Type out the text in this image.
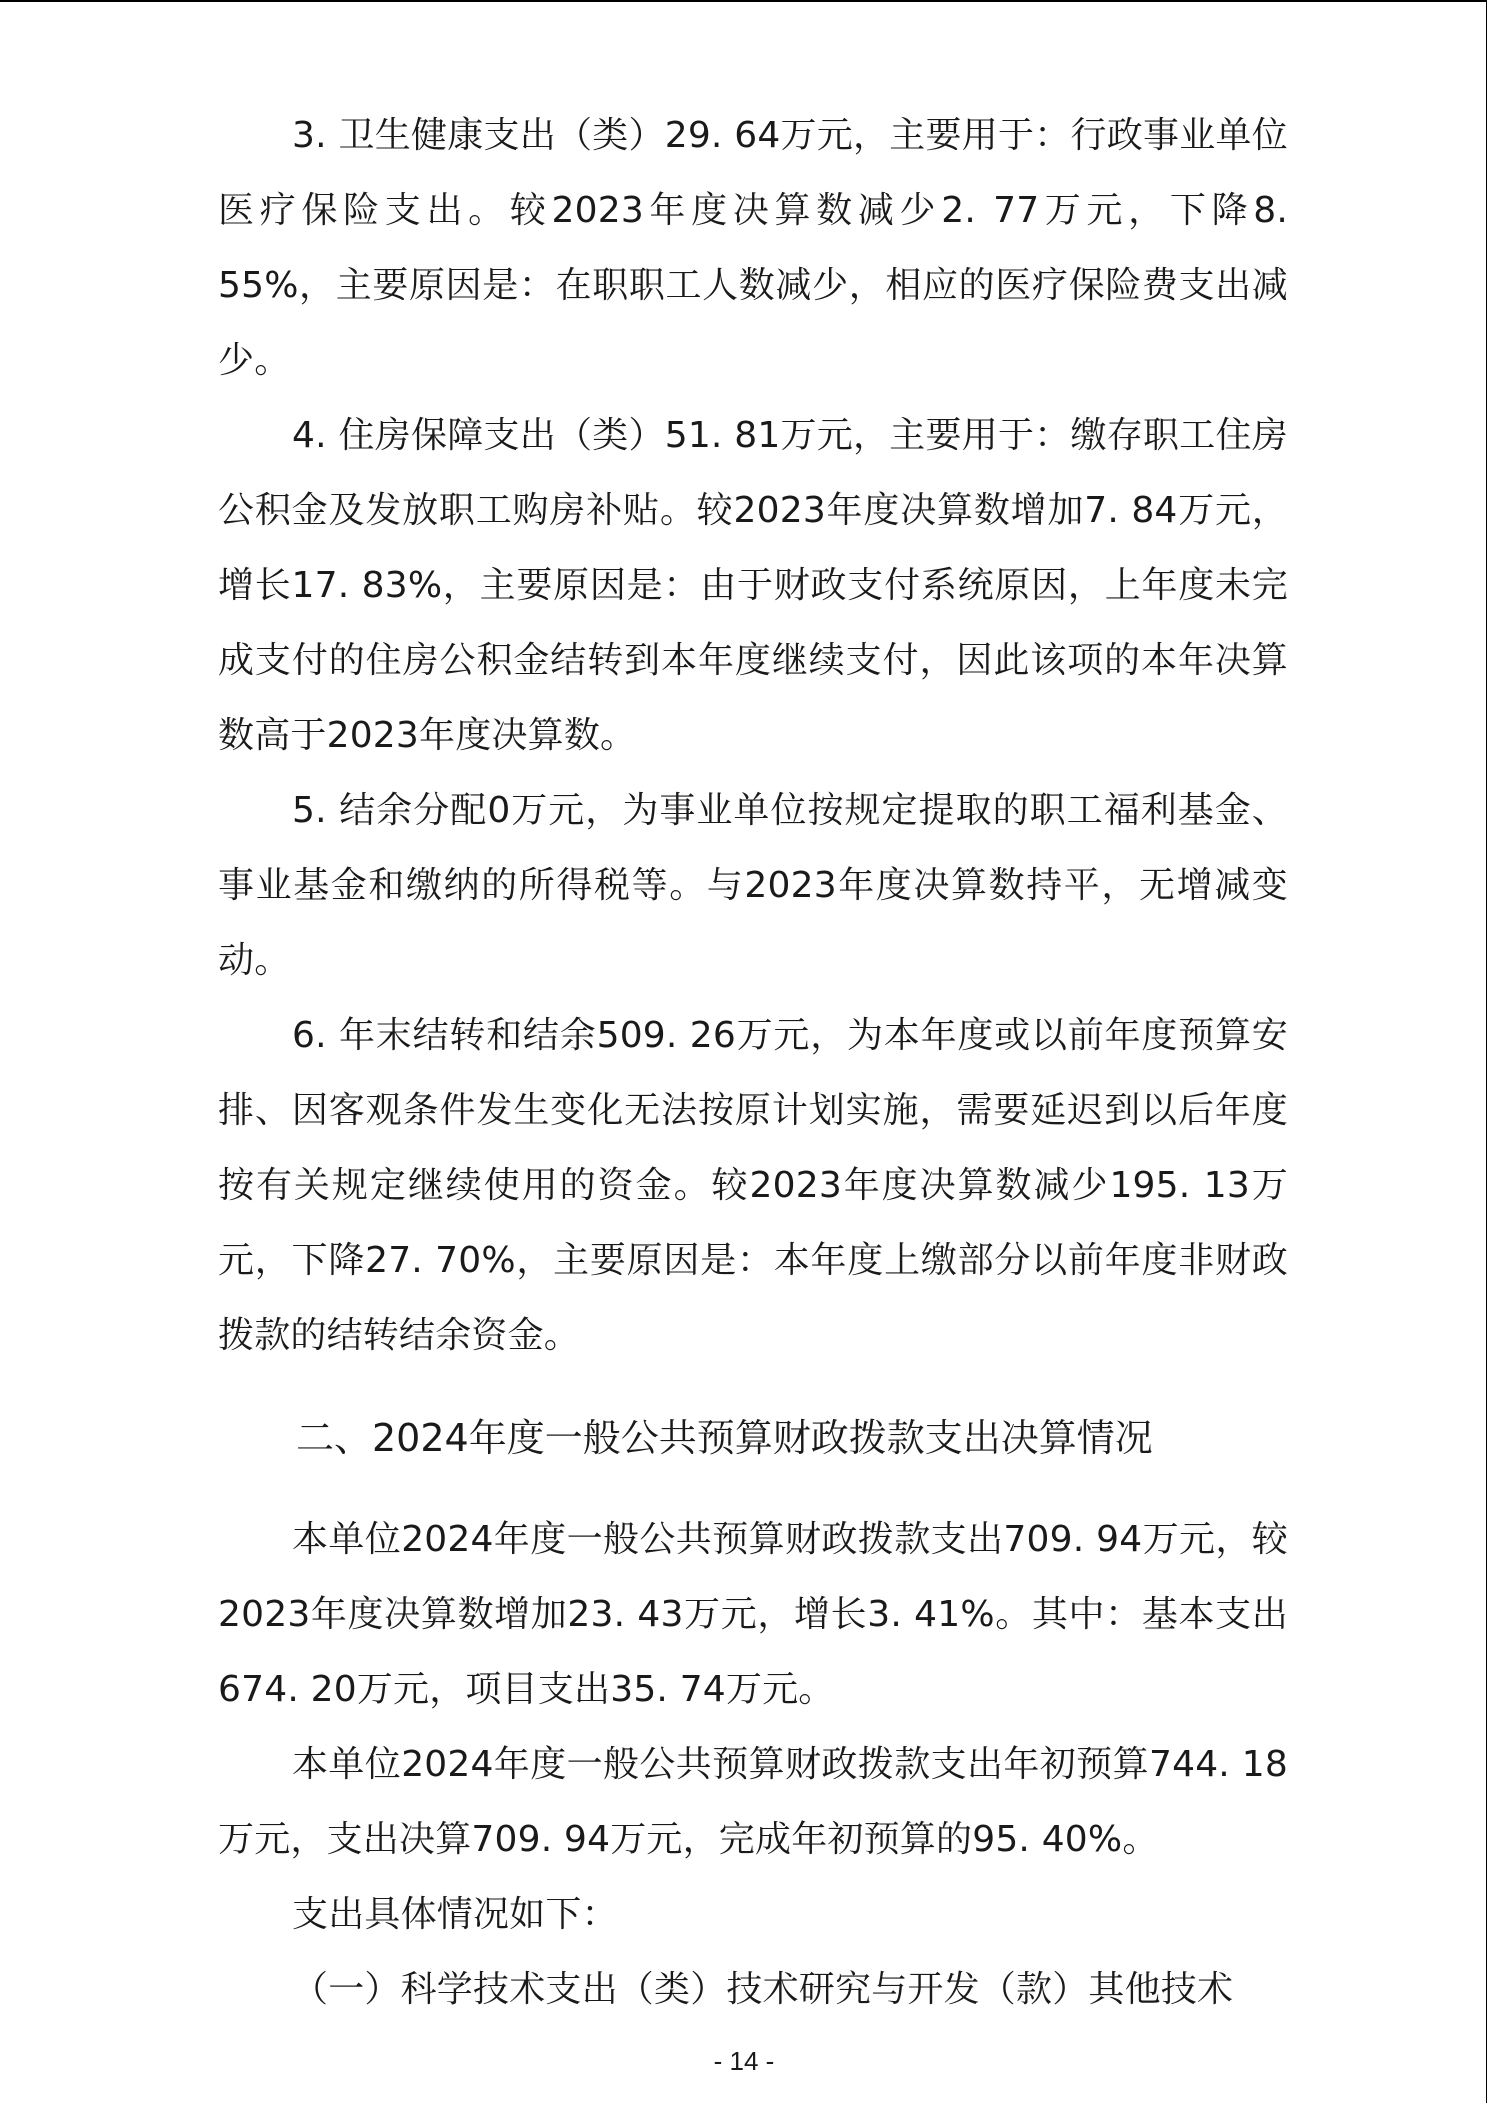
3. 卫生健康支出（类）29. 64万元，主要用于：行政事业单位医疗保险支出。较2023年度决算数减少2. 77万元，下降8. 55%，主要原因是：在职职工人数减少，相应的医疗保险费支出减少。

4. 住房保障支出（类）51. 81万元，主要用于：缴存职工住房公积金及发放职工购房补贴。较2023年度决算数增加7. 84万元，增长17. 83%，主要原因是：由于财政支付系统原因，上年度未完成支付的住房公积金结转到本年度继续支付，因此该项的本年决算数高于2023年度决算数。

5. 结余分配0万元，为事业单位按规定提取的职工福利基金、事业基金和缴纳的所得税等。与2023年度决算数持平，无增减变动。

6. 年末结转和结余509. 26万元，为本年度或以前年度预算安排、因客观条件发生变化无法按原计划实施，需要延迟到以后年度按有关规定继续使用的资金。较2023年度决算数减少195. 13万元，下降27. 70%，主要原因是：本年度上缴部分以前年度非财政拨款的结转结余资金。

二、2024年度一般公共预算财政拨款支出决算情况

本单位2024年度一般公共预算财政拨款支出709. 94万元，较2023年度决算数增加23. 43万元，增长3. 41%。其中：基本支出674. 20万元，项目支出35. 74万元。

本单位2024年度一般公共预算财政拨款支出年初预算744. 18万元，支出决算709. 94万元，完成年初预算的95. 40%。

支出具体情况如下：

（一）科学技术支出（类）技术研究与开发（款）其他技术

- 14 -
